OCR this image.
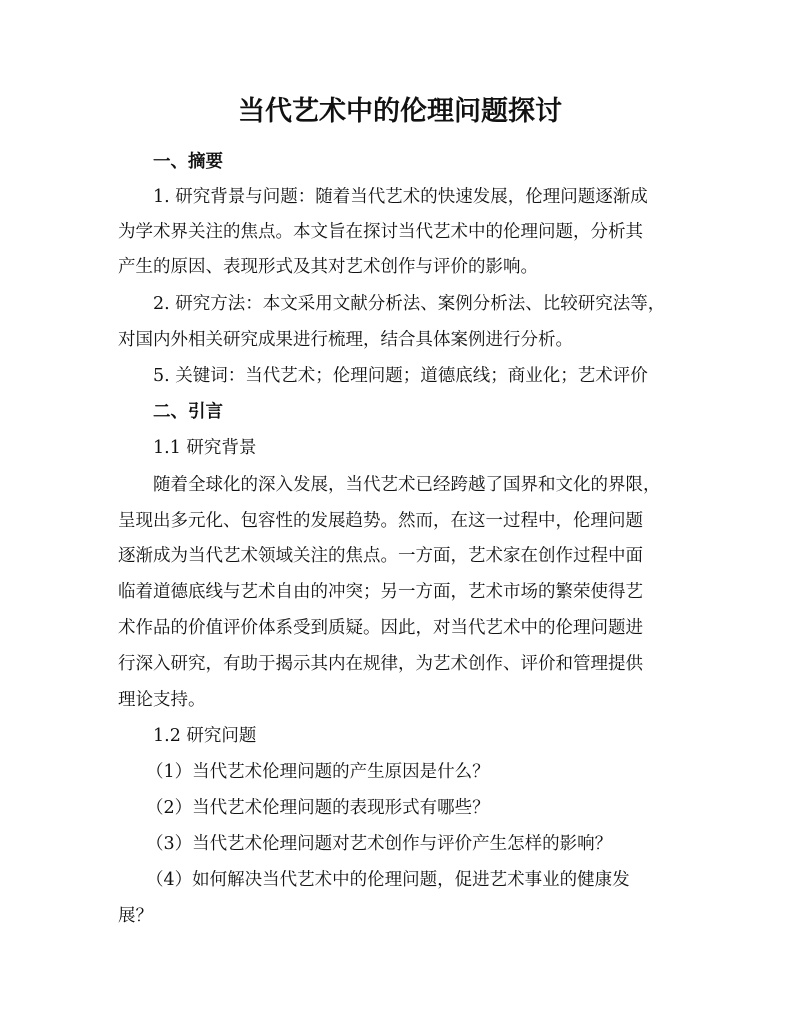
当代艺术中的伦理问题探讨
一、摘要
1. 研究背景与问题：随着当代艺术的快速发展，伦理问题逐渐成
为学术界关注的焦点。本文旨在探讨当代艺术中的伦理问题，分析其
产生的原因、表现形式及其对艺术创作与评价的影响。
2. 研究方法：本文采用文献分析法、案例分析法、比较研究法等，
对国内外相关研究成果进行梳理，结合具体案例进行分析。
5. 关键词：当代艺术；伦理问题；道德底线；商业化；艺术评价
二、引言
1.1 研究背景
随着全球化的深入发展，当代艺术已经跨越了国界和文化的界限，
呈现出多元化、包容性的发展趋势。然而，在这一过程中，伦理问题
逐渐成为当代艺术领域关注的焦点。一方面，艺术家在创作过程中面
临着道德底线与艺术自由的冲突；另一方面，艺术市场的繁荣使得艺
术作品的价值评价体系受到质疑。因此，对当代艺术中的伦理问题进
行深入研究，有助于揭示其内在规律，为艺术创作、评价和管理提供
理论支持。
1.2 研究问题
（1）当代艺术伦理问题的产生原因是什么？
（2）当代艺术伦理问题的表现形式有哪些？
（3）当代艺术伦理问题对艺术创作与评价产生怎样的影响？
（4）如何解决当代艺术中的伦理问题，促进艺术事业的健康发
展？
